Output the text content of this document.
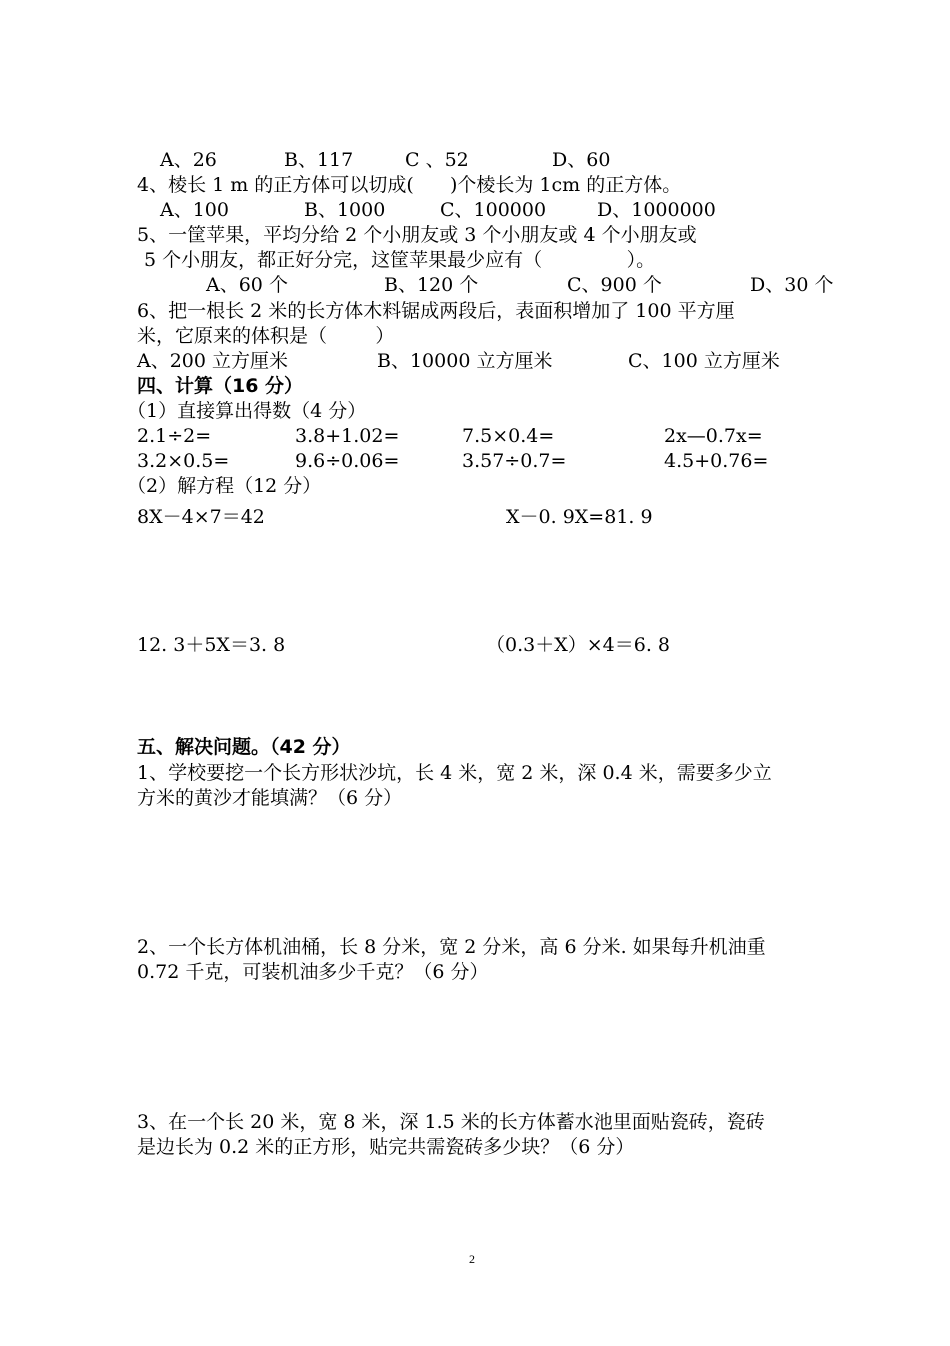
A、26	B、117	C 、52	D、60
4、棱长 1 m 的正方体可以切成(      )个棱长为 1cm 的正方体。
A、100	B、1000	C、100000	D、1000000
5、一筐苹果，平均分给 2 个小朋友或 3 个小朋友或 4 个小朋友或
5 个小朋友，都正好分完，这筐苹果最少应有（              ）。
A、60 个	B、120 个	C、900 个	D、30 个
6、把一根长 2 米的长方体木料锯成两段后，表面积增加了 100 平方厘
米，它原来的体积是（        ）
A、200 立方厘米	B、10000 立方厘米	C、100 立方厘米
四、计算（16 分）
（1）直接算出得数（4 分）
2.1÷2=	3.8+1.02=	7.5×0.4=	2x—0.7x=
3.2×0.5=	9.6÷0.06=	3.57÷0.7=	4.5+0.76=
（2）解方程（12 分）
8X－4×7＝42	X－0. 9X=81. 9
12. 3＋5X＝3. 8	（0.3＋X）×4＝6. 8
五、解决问题。（42 分）
1、学校要挖一个长方形状沙坑，长 4 米，宽 2 米，深 0.4 米，需要多少立
方米的黄沙才能填满？（6 分）
2、一个长方体机油桶，长 8 分米，宽 2 分米，高 6 分米. 如果每升机油重
0.72 千克，可装机油多少千克？（6 分）
3、在一个长 20 米，宽 8 米，深 1.5 米的长方体蓄水池里面贴瓷砖，瓷砖
是边长为 0.2 米的正方形，贴完共需瓷砖多少块？（6 分）
2
